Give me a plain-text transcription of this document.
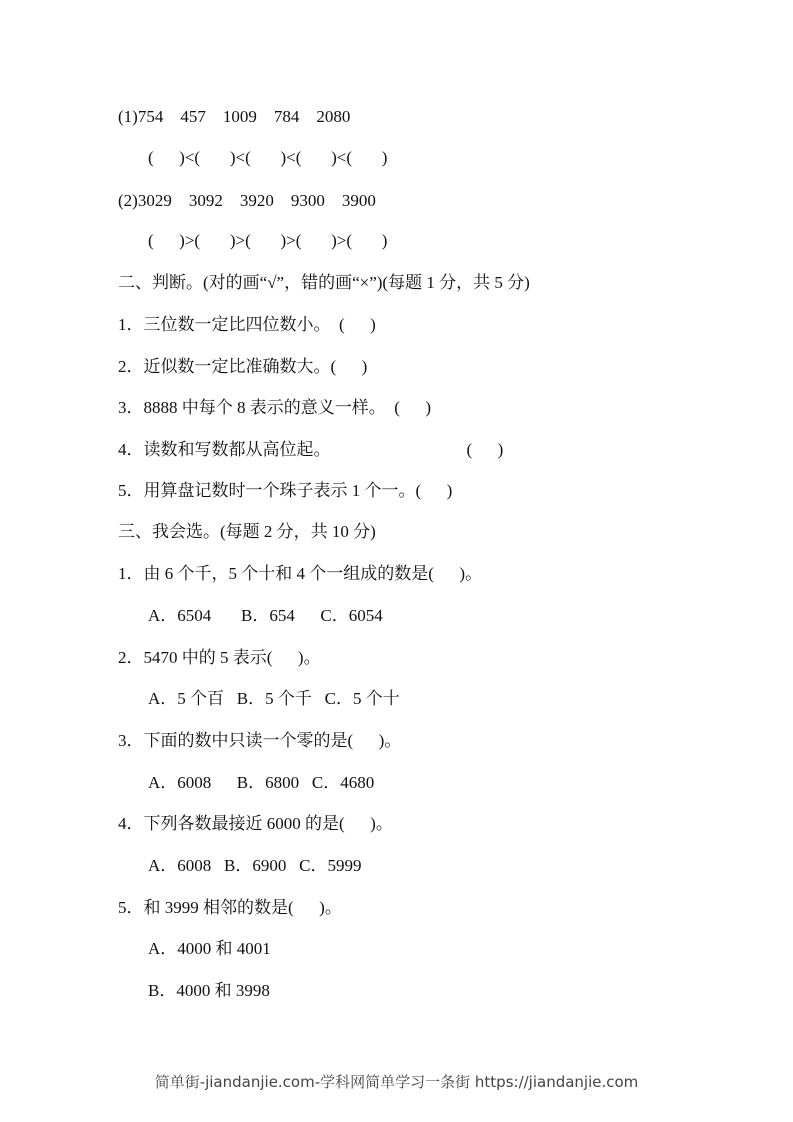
(1)754    457    1009    784    2080
(      )<(       )<(       )<(       )<(       )
(2)3029    3092    3920    9300    3900
(      )>(       )>(       )>(       )>(       )
二、判断。(对的画“√”，错的画“×”)(每题 1 分，共 5 分)
1．三位数一定比四位数小。  (      )
2．近似数一定比准确数大。(      )
3．8888 中每个 8 表示的意义一样。  (      )
4．读数和写数都从高位起。                                (      )
5．用算盘记数时一个珠子表示 1 个一。(      )
三、我会选。(每题 2 分，共 10 分)
1．由 6 个千，5 个十和 4 个一组成的数是(      )。
A．6504       B．654      C．6054
2．5470 中的 5 表示(      )。
A．5 个百   B．5 个千   C．5 个十
3．下面的数中只读一个零的是(      )。
A．6008      B．6800   C．4680
4．下列各数最接近 6000 的是(      )。
A．6008   B．6900   C．5999
5．和 3999 相邻的数是(      )。
A．4000 和 4001
B．4000 和 3998
简单街-jiandanjie.com-学科网简单学习一条街 https://jiandanjie.com
